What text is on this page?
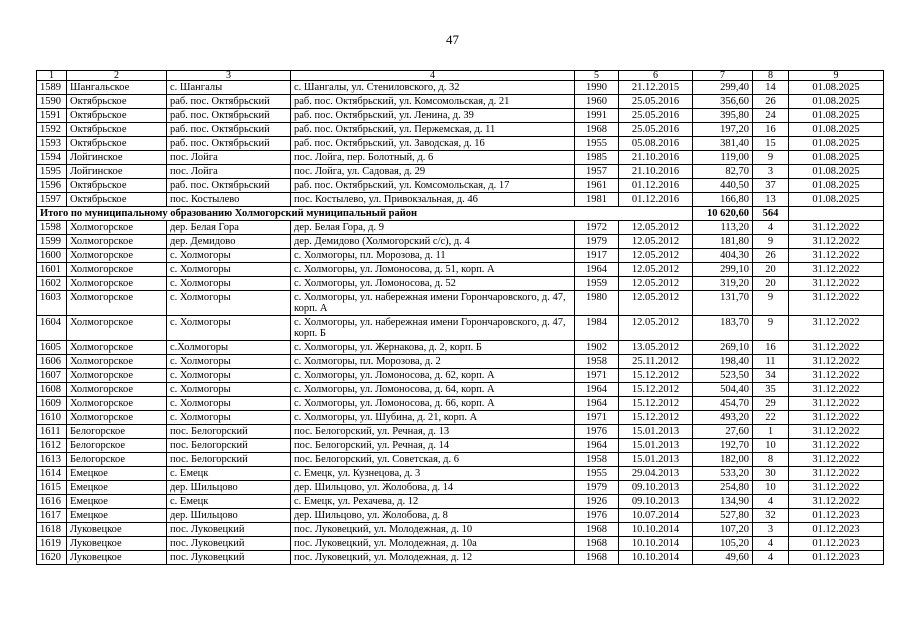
47
1	2	3	4	5	6	7	8	9
1589	Шангальское	с. Шангалы	с. Шангалы, ул. Стениловского, д. 32	1990	21.12.2015	299,40	14	01.08.2025
1590	Октябрьское	раб. пос. Октябрьский	раб. пос. Октябрьский, ул. Комсомольская, д. 21	1960	25.05.2016	356,60	26	01.08.2025
1591	Октябрьское	раб. пос. Октябрьский	раб. пос. Октябрьский, ул. Ленина, д. 39	1991	25.05.2016	395,80	24	01.08.2025
1592	Октябрьское	раб. пос. Октябрьский	раб. пос. Октябрьский, ул. Пержемская, д. 11	1968	25.05.2016	197,20	16	01.08.2025
1593	Октябрьское	раб. пос. Октябрьский	раб. пос. Октябрьский, ул. Заводская, д. 16	1955	05.08.2016	381,40	15	01.08.2025
1594	Лойгинское	пос. Лойга	пос. Лойга, пер. Болотный, д. 6	1985	21.10.2016	119,00	9	01.08.2025
1595	Лойгинское	пос. Лойга	пос. Лойга, ул. Садовая, д. 29	1957	21.10.2016	82,70	3	01.08.2025
1596	Октябрьское	раб. пос. Октябрьский	раб. пос. Октябрьский, ул. Комсомольская, д. 17	1961	01.12.2016	440,50	37	01.08.2025
1597	Октябрьское	пос. Костылево	пос. Костылево, ул. Привокзальная, д. 46	1981	01.12.2016	166,80	13	01.08.2025
Итого по муниципальному образованию Холмогорский муниципальный район						10 620,60	564	
1598	Холмогорское	дер. Белая Гора	дер. Белая Гора, д. 9	1972	12.05.2012	113,20	4	31.12.2022
1599	Холмогорское	дер. Демидово	дер. Демидово (Холмогорский с/с), д. 4	1979	12.05.2012	181,80	9	31.12.2022
1600	Холмогорское	с. Холмогоры	с. Холмогоры, пл. Морозова, д. 11	1917	12.05.2012	404,30	26	31.12.2022
1601	Холмогорское	с. Холмогоры	с. Холмогоры, ул. Ломоносова, д. 51, корп. А	1964	12.05.2012	299,10	20	31.12.2022
1602	Холмогорское	с. Холмогоры	с. Холмогоры, ул. Ломоносова, д. 52	1959	12.05.2012	319,20	20	31.12.2022
1603	Холмогорское	с. Холмогоры	с. Холмогоры, ул. набережная имени Горончаровского, д. 47, корп. А	1980	12.05.2012	131,70	9	31.12.2022
1604	Холмогорское	с. Холмогоры	с. Холмогоры, ул. набережная имени Горончаровского, д. 47, корп. Б	1984	12.05.2012	183,70	9	31.12.2022
1605	Холмогорское	с.Холмогоры	с. Холмогоры, ул. Жернакова, д. 2, корп. Б	1902	13.05.2012	269,10	16	31.12.2022
1606	Холмогорское	с. Холмогоры	с. Холмогоры, пл. Морозова, д. 2	1958	25.11.2012	198,40	11	31.12.2022
1607	Холмогорское	с. Холмогоры	с. Холмогоры, ул. Ломоносова, д. 62, корп. А	1971	15.12.2012	523,50	34	31.12.2022
1608	Холмогорское	с. Холмогоры	с. Холмогоры, ул. Ломоносова, д. 64, корп. А	1964	15.12.2012	504,40	35	31.12.2022
1609	Холмогорское	с. Холмогоры	с. Холмогоры, ул. Ломоносова, д. 66, корп. А	1964	15.12.2012	454,70	29	31.12.2022
1610	Холмогорское	с. Холмогоры	с. Холмогоры, ул. Шубина, д. 21, корп. А	1971	15.12.2012	493,20	22	31.12.2022
1611	Белогорское	пос. Белогорский	пос. Белогорский, ул. Речная, д. 13	1976	15.01.2013	27,60	1	31.12.2022
1612	Белогорское	пос. Белогорский	пос. Белогорский, ул. Речная, д. 14	1964	15.01.2013	192,70	10	31.12.2022
1613	Белогорское	пос. Белогорский	пос. Белогорский, ул. Советская, д. 6	1958	15.01.2013	182,00	8	31.12.2022
1614	Емецкое	с. Емецк	с. Емецк, ул. Кузнецова, д. 3	1955	29.04.2013	533,20	30	31.12.2022
1615	Емецкое	дер. Шильцово	дер. Шильцово, ул. Жолобова, д. 14	1979	09.10.2013	254,80	10	31.12.2022
1616	Емецкое	с. Емецк	с. Емецк, ул. Рехачева, д. 12	1926	09.10.2013	134,90	4	31.12.2022
1617	Емецкое	дер. Шильцово	дер. Шильцово, ул. Жолобова, д. 8	1976	10.07.2014	527,80	32	01.12.2023
1618	Луковецкое	пос. Луковецкий	пос. Луковецкий, ул. Молодежная, д. 10	1968	10.10.2014	107,20	3	01.12.2023
1619	Луковецкое	пос. Луковецкий	пос. Луковецкий, ул. Молодежная, д. 10а	1968	10.10.2014	105,20	4	01.12.2023
1620	Луковецкое	пос. Луковецкий	пос. Луковецкий, ул. Молодежная, д. 12	1968	10.10.2014	49,60	4	01.12.2023
